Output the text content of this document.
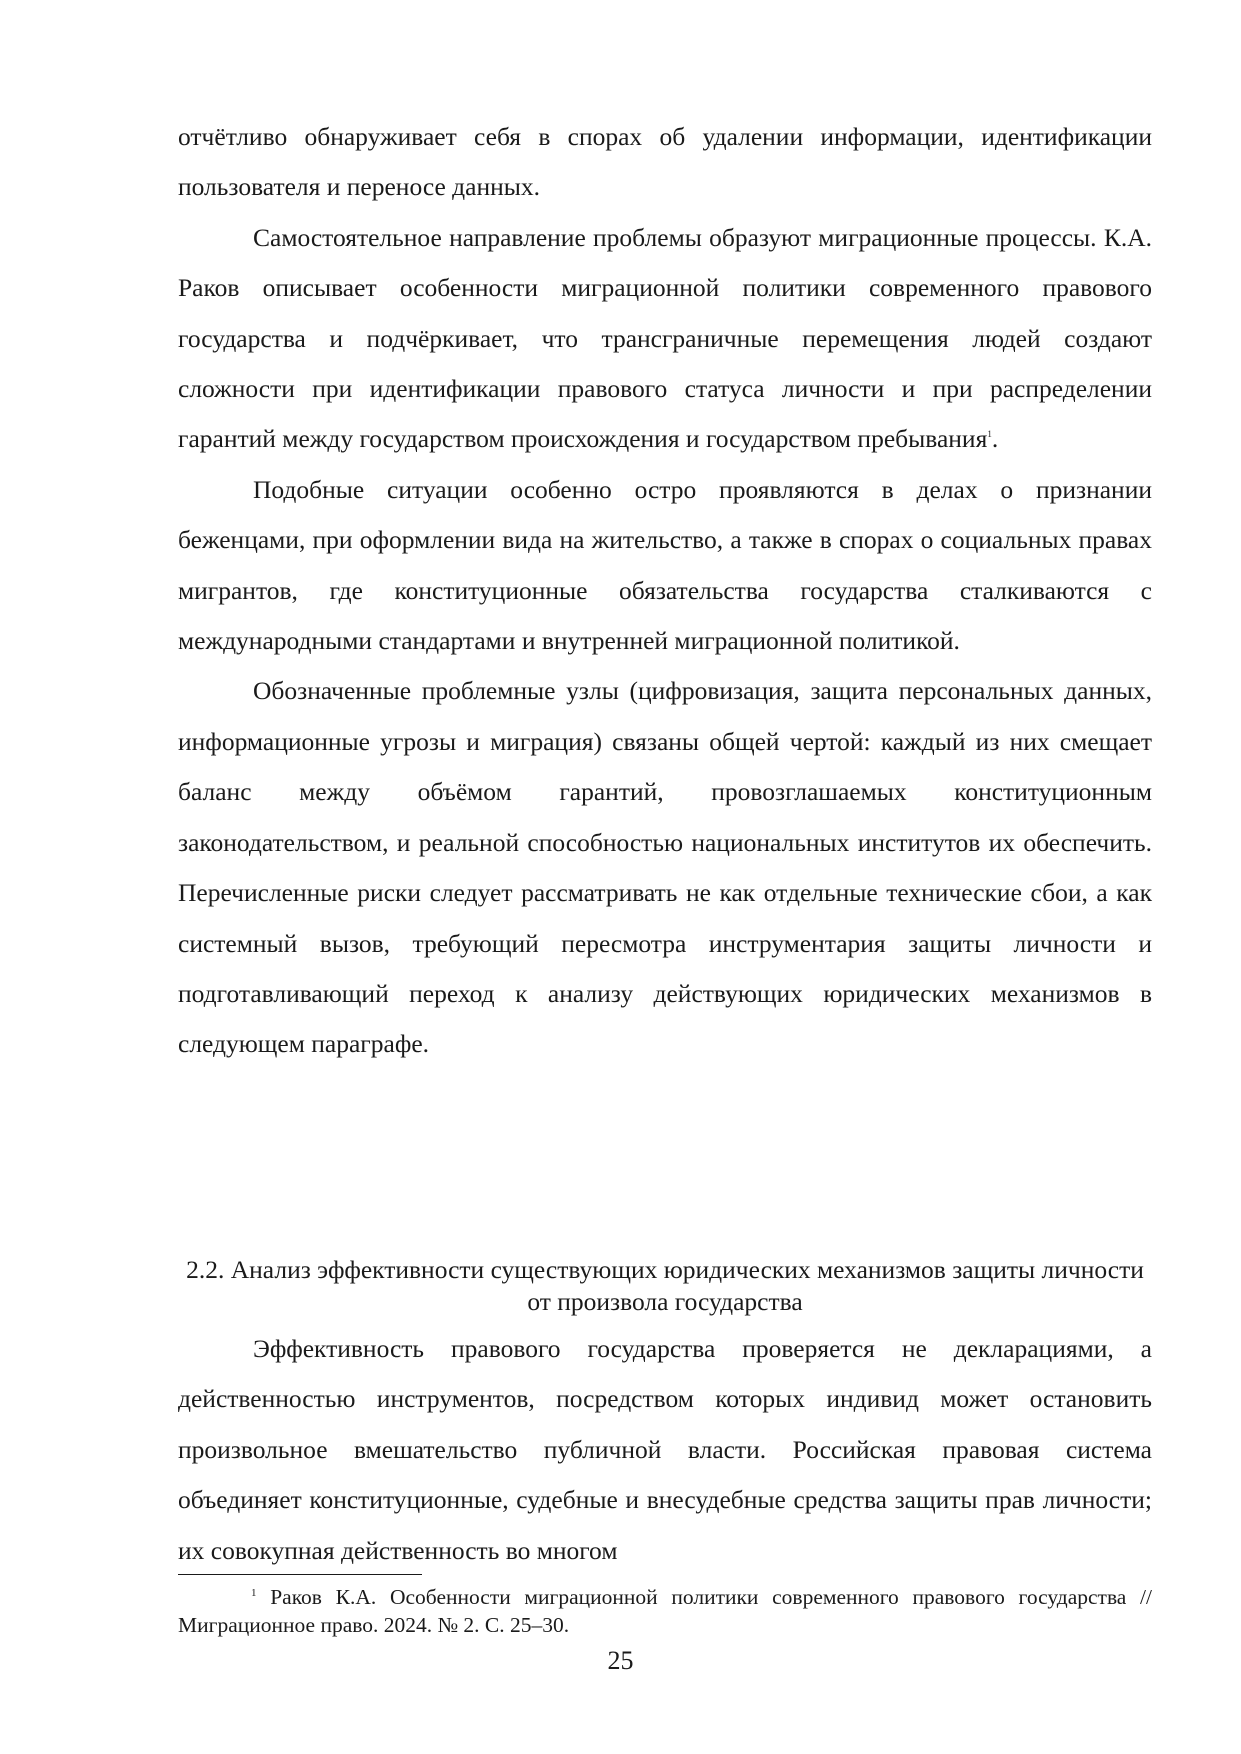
отчётливо обнаруживает себя в спорах об удалении информации, идентификации пользователя и переносе данных.

Самостоятельное направление проблемы образуют миграционные процессы. К.А. Раков описывает особенности миграционной политики современного правового государства и подчёркивает, что трансграничные перемещения людей создают сложности при идентификации правового статуса личности и при распределении гарантий между государством происхождения и государством пребывания$^1$.

Подобные ситуации особенно остро проявляются в делах о признании беженцами, при оформлении вида на жительство, а также в спорах о социальных правах мигрантов, где конституционные обязательства государства сталкиваются с международными стандартами и внутренней миграционной политикой.

Обозначенные проблемные узлы (цифровизация, защита персональных данных, информационные угрозы и миграция) связаны общей чертой: каждый из них смещает баланс между объёмом гарантий, провозглашаемых конституционным законодательством, и реальной способностью национальных институтов их обеспечить. Перечисленные риски следует рассматривать не как отдельные технические сбои, а как системный вызов, требующий пересмотра инструментария защиты личности и подготавливающий переход к анализу действующих юридических механизмов в следующем параграфе.

2.2. Анализ эффективности существующих юридических механизмов защиты личности от произвола государства

Эффективность правового государства проверяется не декларациями, а действенностью инструментов, посредством которых индивид может остановить произвольное вмешательство публичной власти. Российская правовая система объединяет конституционные, судебные и внесудебные средства защиты прав личности; их совокупная действенность во многом

$^1$ Раков К.А. Особенности миграционной политики современного правового государства // Миграционное право. 2024. № 2. С. 25–30.

25
